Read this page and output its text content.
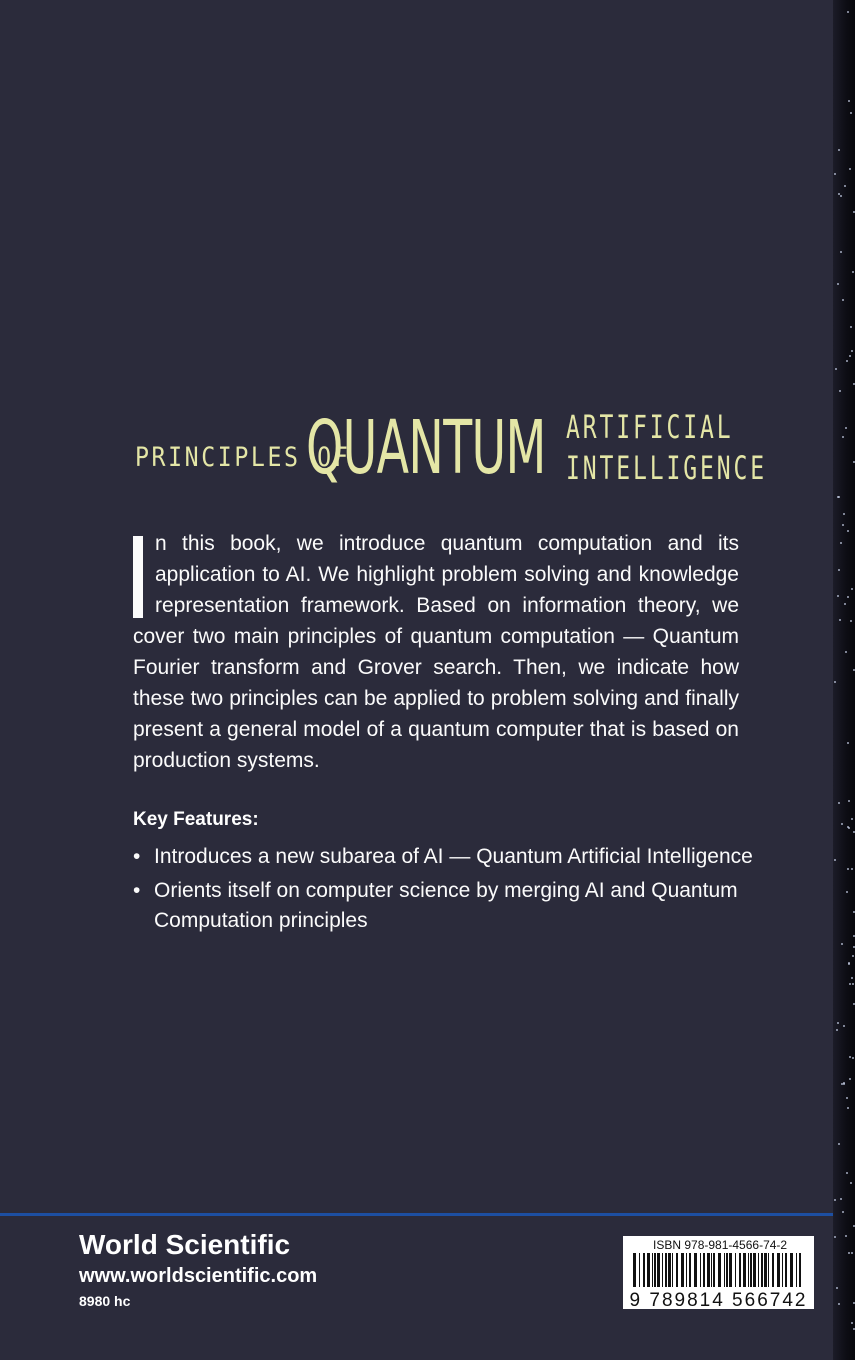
PRINCIPLES OF
QUANTUM ARTIFICIAL
INTELLIGENCE
n this book, we introduce quantum computation and its application to AI. We highlight problem solving and knowledge representation framework. Based on information theory, we cover two main principles of quantum computation — Quantum Fourier transform and Grover search. Then, we indicate how these two principles can be applied to problem solving and finally present a general model of a quantum computer that is based on production systems.
Key Features:
• Introduces a new subarea of AI — Quantum Artificial Intelligence
• Orients itself on computer science by merging AI and Quantum Computation principles
World Scientific
www.worldscientific.com
8980 hc
ISBN 978-981-4566-74-2
9 789814 566742
